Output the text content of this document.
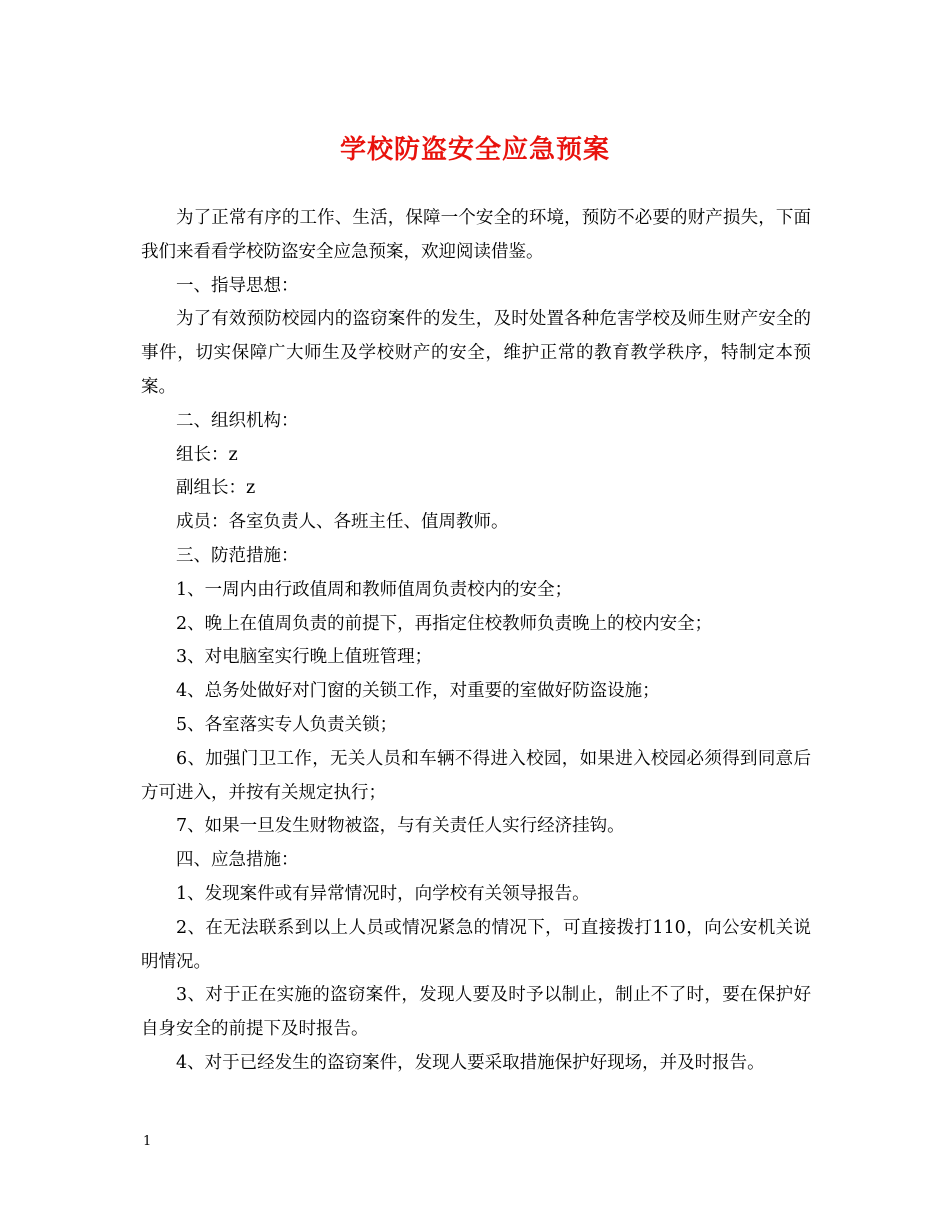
学校防盗安全应急预案

为了正常有序的工作、生活，保障一个安全的环境，预防不必要的财产损失，下面我们来看看学校防盗安全应急预案，欢迎阅读借鉴。

一、指导思想：

为了有效预防校园内的盗窃案件的发生，及时处置各种危害学校及师生财产安全的事件，切实保障广大师生及学校财产的安全，维护正常的教育教学秩序，特制定本预案。

二、组织机构：

组长：z

副组长：z

成员：各室负责人、各班主任、值周教师。

三、防范措施：

1、一周内由行政值周和教师值周负责校内的安全；

2、晚上在值周负责的前提下，再指定住校教师负责晚上的校内安全；

3、对电脑室实行晚上值班管理；

4、总务处做好对门窗的关锁工作，对重要的室做好防盗设施；

5、各室落实专人负责关锁；

6、加强门卫工作，无关人员和车辆不得进入校园，如果进入校园必须得到同意后方可进入，并按有关规定执行；

7、如果一旦发生财物被盗，与有关责任人实行经济挂钩。

四、应急措施：

1、发现案件或有异常情况时，向学校有关领导报告。

2、在无法联系到以上人员或情况紧急的情况下，可直接拨打110，向公安机关说明情况。

3、对于正在实施的盗窃案件，发现人要及时予以制止，制止不了时，要在保护好自身安全的前提下及时报告。

4、对于已经发生的盗窃案件，发现人要采取措施保护好现场，并及时报告。

1
